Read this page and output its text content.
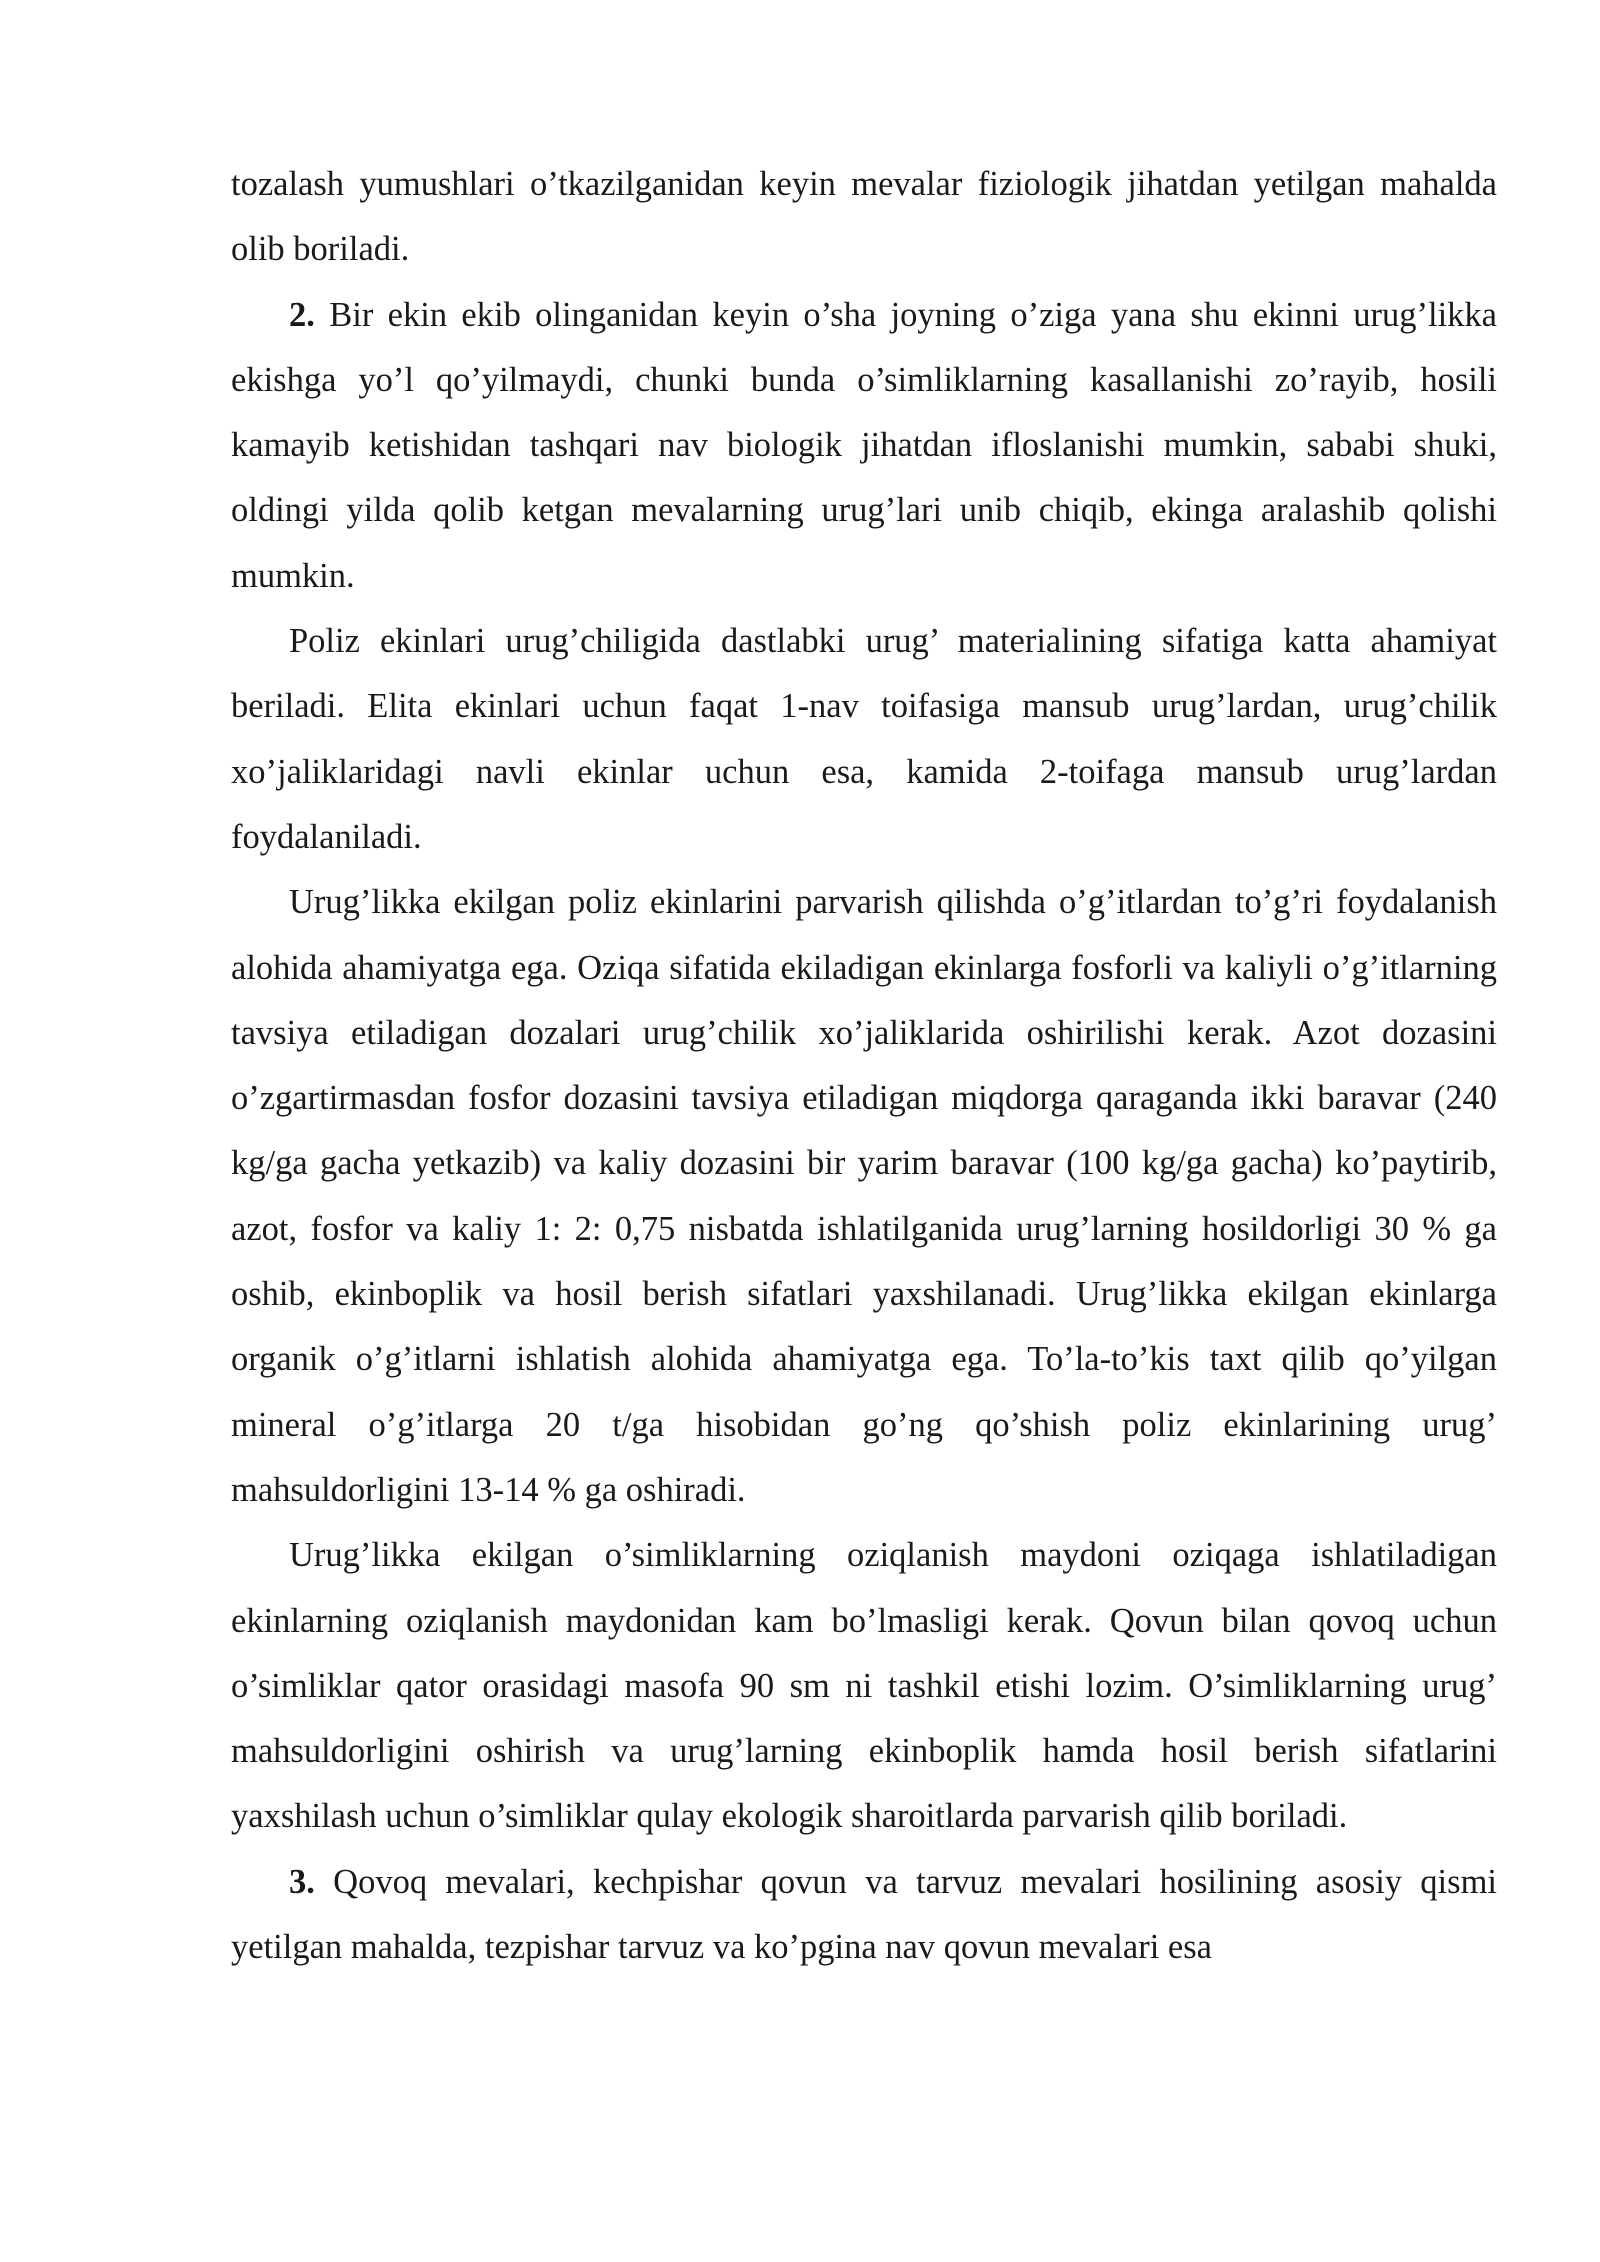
tozalash yumushlari o’tkazilganidan keyin mevalar fiziologik jihatdan yetilgan mahalda olib boriladi.

2. Bir ekin ekib olinganidan keyin o’sha joyning o’ziga yana shu ekinni urug’likka ekishga yo’l qo’yilmaydi, chunki bunda o’simliklarning kasallanishi zo’rayib, hosili kamayib ketishidan tashqari nav biologik jihatdan ifloslanishi mumkin, sababi shuki, oldingi yilda qolib ketgan mevalarning urug’lari unib chiqib, ekinga aralashib qolishi mumkin.

Poliz ekinlari urug’chiligida dastlabki urug’ materialining sifatiga katta ahamiyat beriladi. Elita ekinlari uchun faqat 1-nav toifasiga mansub urug’lardan, urug’chilik xo’jaliklaridagi navli ekinlar uchun esa, kamida 2-toifaga mansub urug’lardan foydalaniladi.

Urug’likka ekilgan poliz ekinlarini parvarish qilishda o’g’itlardan to’g’ri foydalanish alohida ahamiyatga ega. Oziqa sifatida ekiladigan ekinlarga fosforli va kaliyli o’g’itlarning tavsiya etiladigan dozalari urug’chilik xo’jaliklarida oshirilishi kerak. Azot dozasini o’zgartirmasdan fosfor dozasini tavsiya etiladigan miqdorga qaraganda ikki baravar (240 kg/ga gacha yetkazib) va kaliy dozasini bir yarim baravar (100 kg/ga gacha) ko’paytirib, azot, fosfor va kaliy 1: 2: 0,75 nisbatda ishlatilganida urug’larning hosildorligi 30 % ga oshib, ekinboplik va hosil berish sifatlari yaxshilanadi. Urug’likka ekilgan ekinlarga organik o’g’itlarni ishlatish alohida ahamiyatga ega. To’la-to’kis taxt qilib qo’yilgan mineral o’g’itlarga 20 t/ga hisobidan go’ng qo’shish poliz ekinlarining urug’ mahsuldorligini 13-14 % ga oshiradi.

Urug’likka ekilgan o’simliklarning oziqlanish maydoni oziqaga ishlatiladigan ekinlarning oziqlanish maydonidan kam bo’lmasligi kerak. Qovun bilan qovoq uchun o’simliklar qator orasidagi masofa 90 sm ni tashkil etishi lozim. O’simliklarning urug’ mahsuldorligini oshirish va urug’larning ekinboplik hamda hosil berish sifatlarini yaxshilash uchun o’simliklar qulay ekologik sharoitlarda parvarish qilib boriladi.

3. Qovoq mevalari, kechpishar qovun va tarvuz mevalari hosilining asosiy qismi yetilgan mahalda, tezpishar tarvuz va ko’pgina nav qovun mevalari esa
